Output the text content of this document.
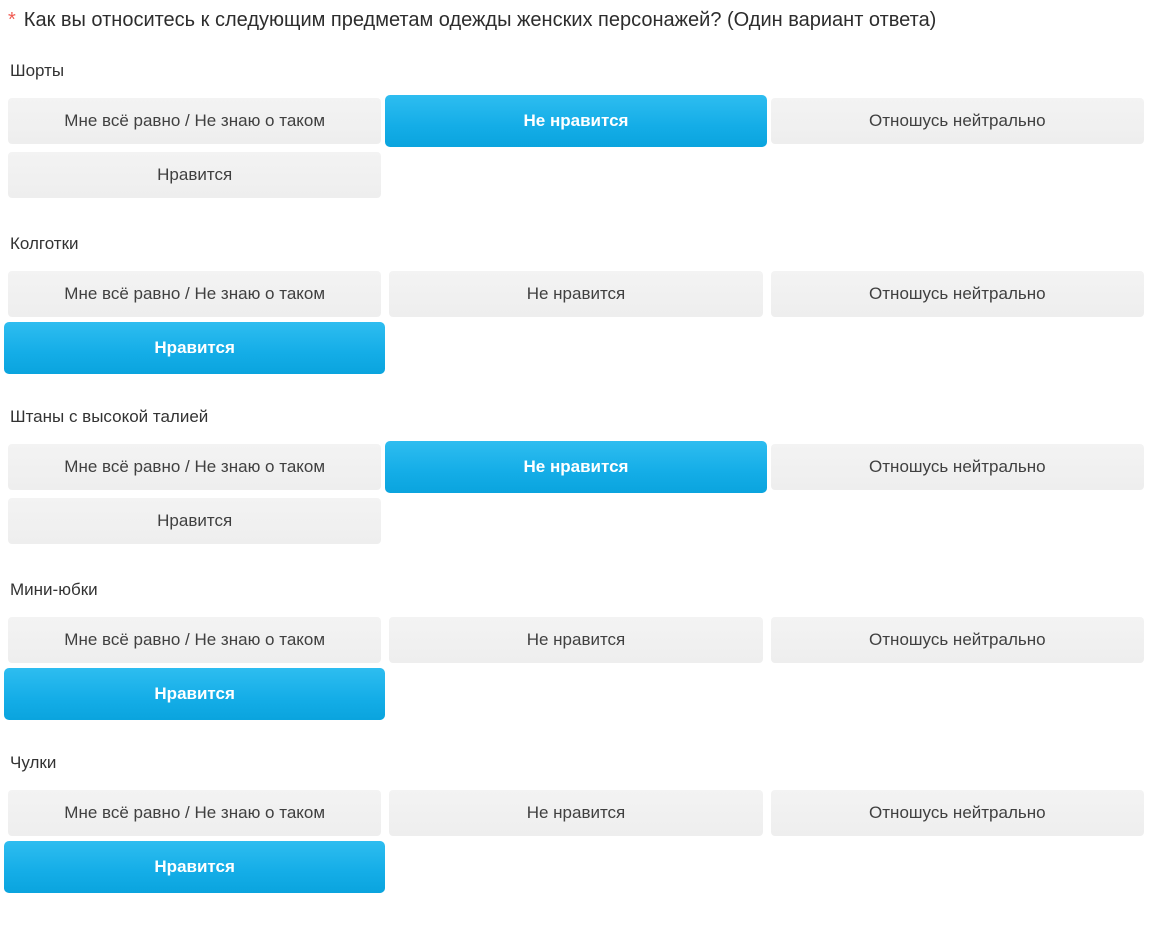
* Как вы относитесь к следующим предметам одежды женских персонажей? (Один вариант ответа)

Шорты
Мне всё равно / Не знаю о таком	Не нравится	Отношусь нейтрально
Нравится
Колготки
Мне всё равно / Не знаю о таком	Не нравится	Отношусь нейтрально
Нравится
Штаны с высокой талией
Мне всё равно / Не знаю о таком	Не нравится	Отношусь нейтрально
Нравится
Мини-юбки
Мне всё равно / Не знаю о таком	Не нравится	Отношусь нейтрально
Нравится
Чулки
Мне всё равно / Не знаю о таком	Не нравится	Отношусь нейтрально
Нравится
